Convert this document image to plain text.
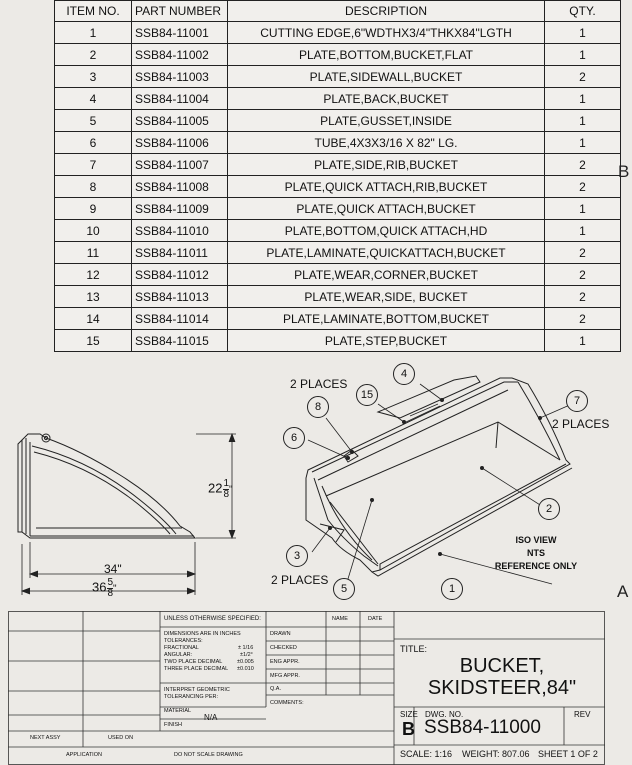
ITEM NO.	PART NUMBER	DESCRIPTION	QTY.
1	SSB84-11001	CUTTING EDGE,6"WDTHX3/4"THKX84"LGTH	1
2	SSB84-11002	PLATE,BOTTOM,BUCKET,FLAT	1
3	SSB84-11003	PLATE,SIDEWALL,BUCKET	2
4	SSB84-11004	PLATE,BACK,BUCKET	1
5	SSB84-11005	PLATE,GUSSET,INSIDE	1
6	SSB84-11006	TUBE,4X3X3/16 X 82" LG.	1
7	SSB84-11007	PLATE,SIDE,RIB,BUCKET	2
8	SSB84-11008	PLATE,QUICK ATTACH,RIB,BUCKET	2
9	SSB84-11009	PLATE,QUICK ATTACH,BUCKET	1
10	SSB84-11010	PLATE,BOTTOM,QUICK ATTACH,HD	1
11	SSB84-11011	PLATE,LAMINATE,QUICKATTACH,BUCKET	2
12	SSB84-11012	PLATE,WEAR,CORNER,BUCKET	2
13	SSB84-11013	PLATE,WEAR,SIDE, BUCKET	2
14	SSB84-11014	PLATE,LAMINATE,BOTTOM,BUCKET	2
15	SSB84-11015	PLATE,STEP,BUCKET	1
B
A
$22 \frac{1}{8}$ "
34"
$36 \frac{5}{8}$ "	1
2
3
4
5
6
7
8
15
2 PLACES
2 PLACES
2 PLACES
ISO VIEW
NTS
REFERENCE ONLY
UNLESS OTHERWISE SPECIFIED:
DIMENSIONS ARE IN INCHES
TOLERANCES:
FRACTIONAL	± 1/16
ANGULAR:	±1/2°
TWO PLACE DECIMAL	±0.005
THREE PLACE DECIMAL ±0.010
INTERPRET GEOMETRIC
TOLERANCING PER:
MATERIAL
N/A
FINISH
NEXT ASSY	USED ON
APPLICATION	DO NOT SCALE DRAWING
NAME	DATE
DRAWN
CHECKED
ENG APPR.
MFG APPR.
Q.A.
COMMENTS:
TITLE:
BUCKET,
SKIDSTEER,84"
SIZE
B
DWG. NO.
SSB84-11000
REV
SCALE: 1:16 WEIGHT: 807.06 SHEET 1 OF 2
